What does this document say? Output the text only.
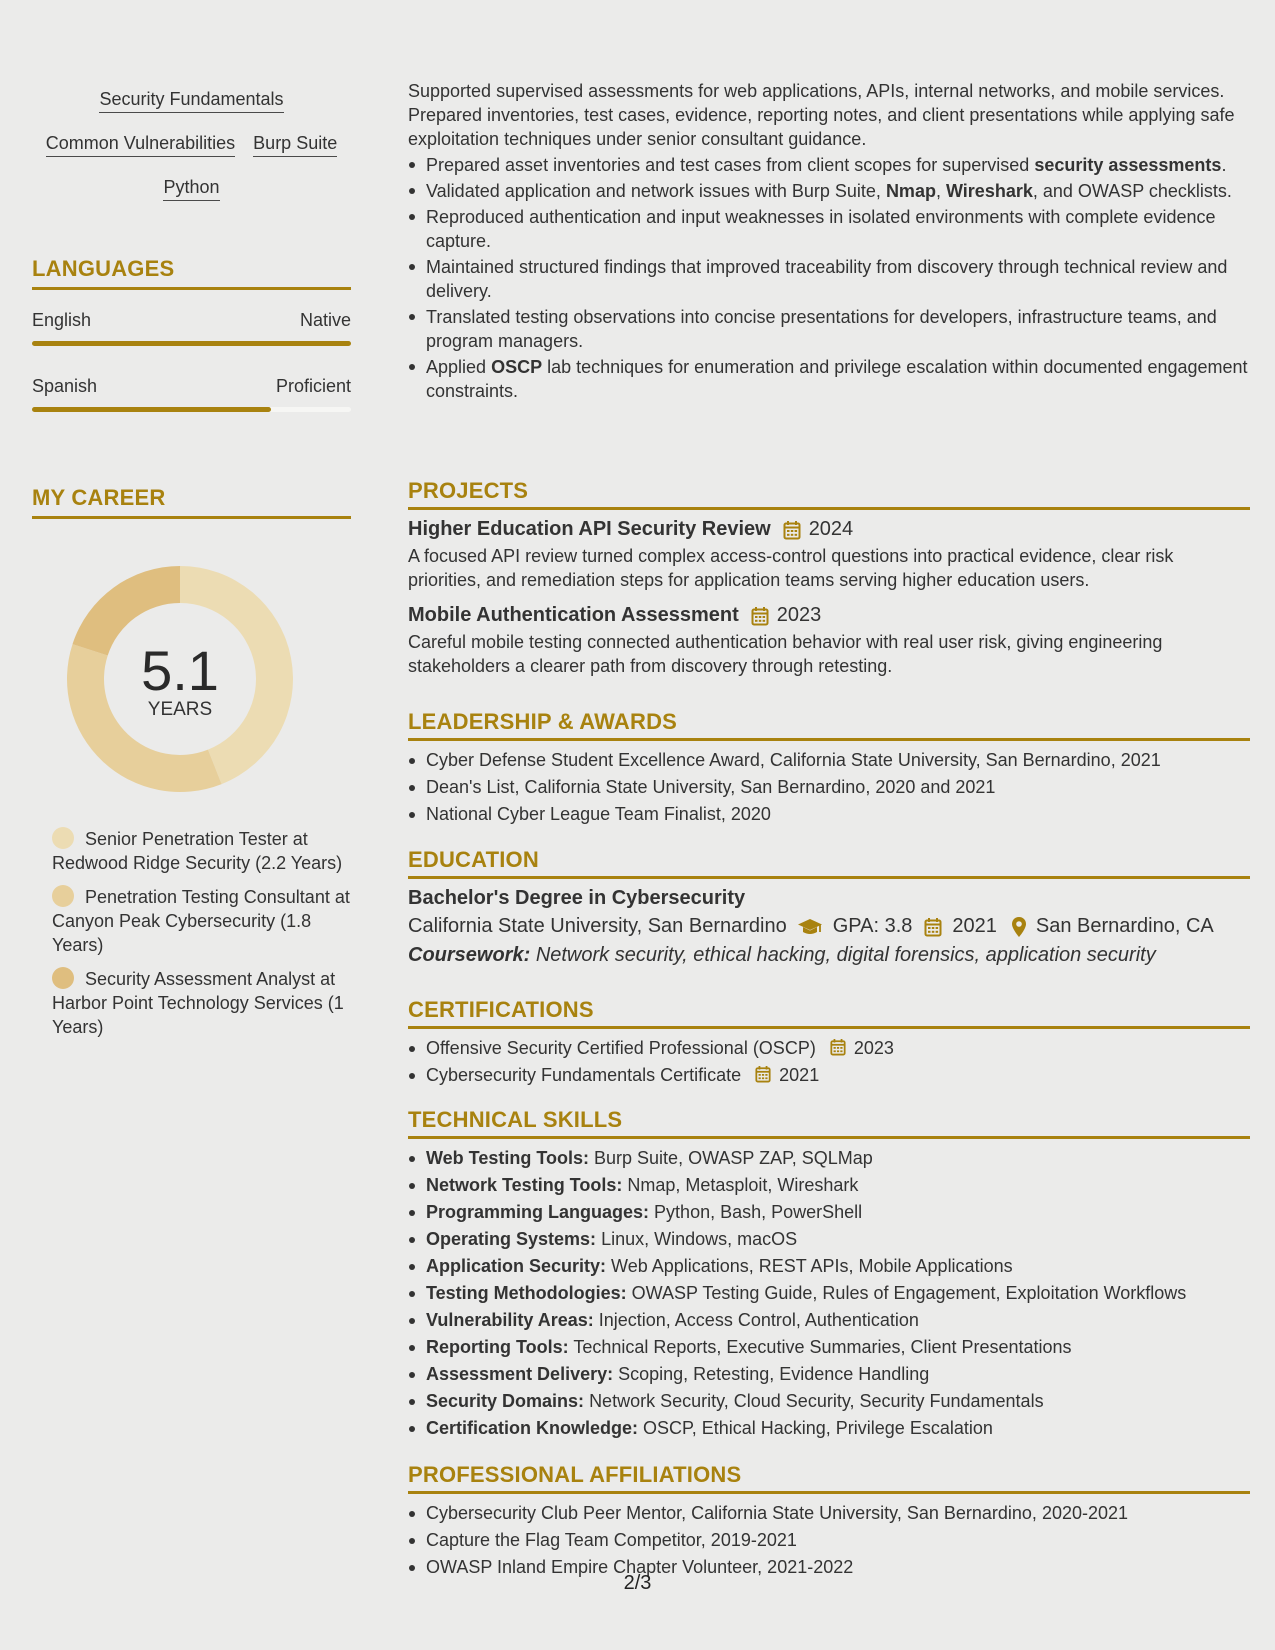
Security Fundamentals
Common Vulnerabilities Burp Suite
Python
LANGUAGES
English	Native
Spanish	Proficient
MY CAREER
5.1
YEARS
Senior Penetration Tester at Redwood Ridge Security (2.2 Years)
Penetration Testing Consultant at Canyon Peak Cybersecurity (1.8 Years)
Security Assessment Analyst at Harbor Point Technology Services (1 Years)

Supported supervised assessments for web applications, APIs, internal networks, and mobile services. Prepared inventories, test cases, evidence, reporting notes, and client presentations while applying safe exploitation techniques under senior consultant guidance.

Prepared asset inventories and test cases from client scopes for supervised security assessments.
Validated application and network issues with Burp Suite, Nmap, Wireshark, and OWASP checklists.
Reproduced authentication and input weaknesses in isolated environments with complete evidence capture.
Maintained structured findings that improved traceability from discovery through technical review and delivery.
Translated testing observations into concise presentations for developers, infrastructure teams, and program managers.
Applied OSCP lab techniques for enumeration and privilege escalation within documented engagement constraints.
PROJECTS
Higher Education API Security Review 2024

A focused API review turned complex access-control questions into practical evidence, clear risk priorities, and remediation steps for application teams serving higher education users.

Mobile Authentication Assessment 2023

Careful mobile testing connected authentication behavior with real user risk, giving engineering stakeholders a clearer path from discovery through retesting.

LEADERSHIP & AWARDS
Cyber Defense Student Excellence Award, California State University, San Bernardino, 2021
Dean's List, California State University, San Bernardino, 2020 and 2021
National Cyber League Team Finalist, 2020
EDUCATION
Bachelor's Degree in Cybersecurity
California State University, San Bernardino GPA: 3.8 2021 San Bernardino, CA
Coursework: Network security, ethical hacking, digital forensics, application security
CERTIFICATIONS
Offensive Security Certified Professional (OSCP) 2023
Cybersecurity Fundamentals Certificate 2021
TECHNICAL SKILLS
Web Testing Tools: Burp Suite, OWASP ZAP, SQLMap
Network Testing Tools: Nmap, Metasploit, Wireshark
Programming Languages: Python, Bash, PowerShell
Operating Systems: Linux, Windows, macOS
Application Security: Web Applications, REST APIs, Mobile Applications
Testing Methodologies: OWASP Testing Guide, Rules of Engagement, Exploitation Workflows
Vulnerability Areas: Injection, Access Control, Authentication
Reporting Tools: Technical Reports, Executive Summaries, Client Presentations
Assessment Delivery: Scoping, Retesting, Evidence Handling
Security Domains: Network Security, Cloud Security, Security Fundamentals
Certification Knowledge: OSCP, Ethical Hacking, Privilege Escalation
PROFESSIONAL AFFILIATIONS
Cybersecurity Club Peer Mentor, California State University, San Bernardino, 2020-2021
Capture the Flag Team Competitor, 2019-2021
OWASP Inland Empire Chapter Volunteer, 2021-2022
2/3
